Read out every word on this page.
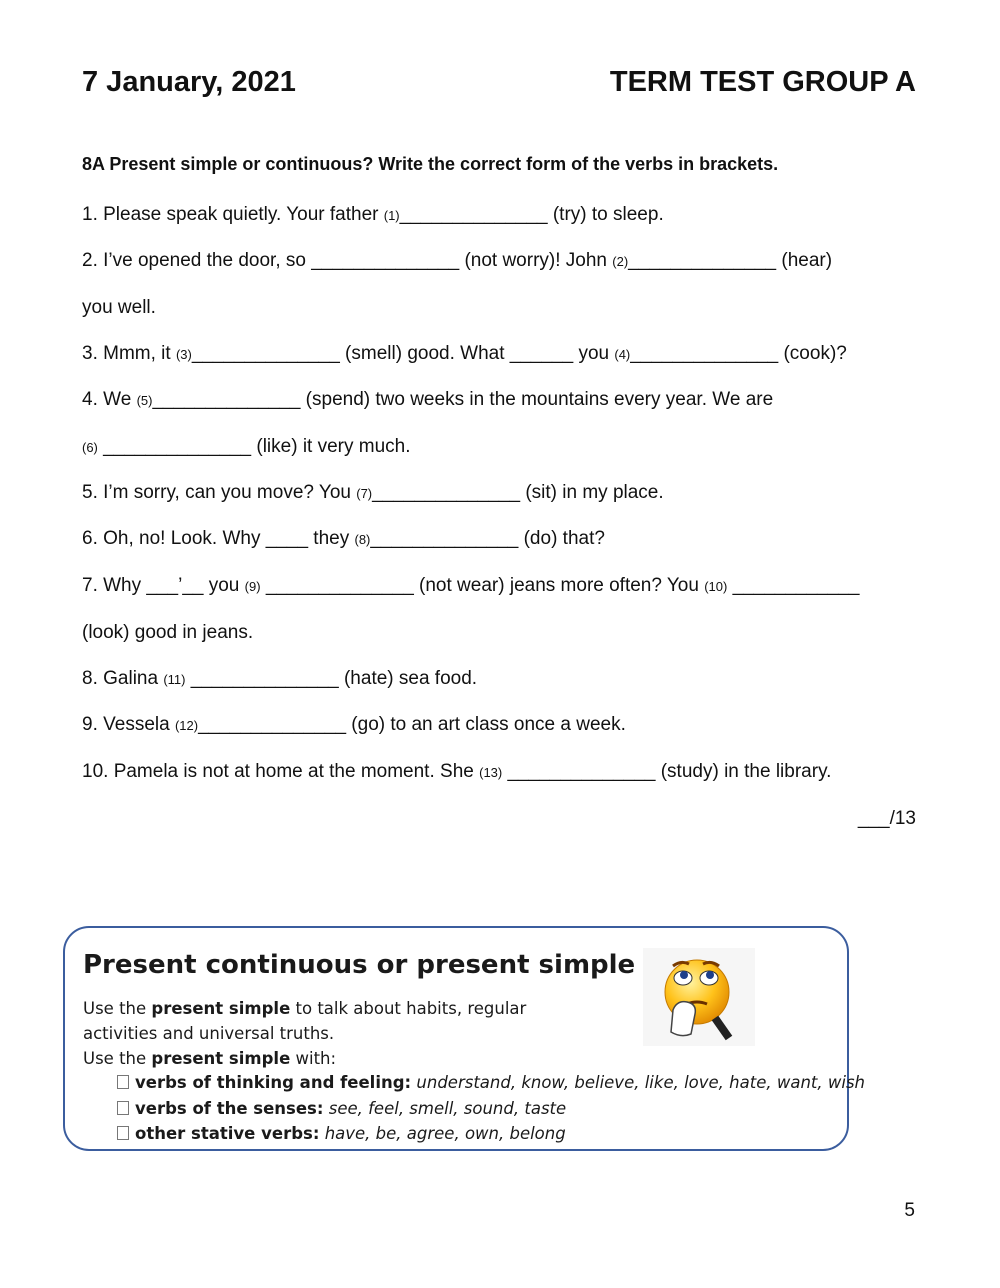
7 January, 2021	TERM TEST GROUP A
8A Present simple or continuous? Write the correct form of the verbs in brackets.
1. Please speak quietly. Your father (1)______________ (try) to sleep.
2. I’ve opened the door, so ______________ (not worry)! John (2)______________ (hear)
you well.
3. Mmm, it (3)______________ (smell) good. What ______ you (4)______________ (cook)?
4. We (5)______________ (spend) two weeks in the mountains every year. We are
(6) ______________ (like) it very much.
5. I’m sorry, can you move? You (7)______________ (sit) in my place.
6. Oh, no! Look. Why ____ they (8)______________ (do) that?
7. Why ___’__ you (9) ______________ (not wear) jeans more often? You (10) ____________
(look) good in jeans.
8. Galina (11) ______________ (hate) sea food.
9. Vessela (12)______________ (go) to an art class once a week.
10. Pamela is not at home at the moment. She (13) ______________ (study) in the library.
___/13
Present continuous or present simple
Use the present simple to talk about habits, regular
activities and universal truths.
Use the present simple with:
verbs of thinking and feeling: understand, know, believe, like, love, hate, want, wish
verbs of the senses: see, feel, smell, sound, taste
other stative verbs: have, be, agree, own, belong
5
